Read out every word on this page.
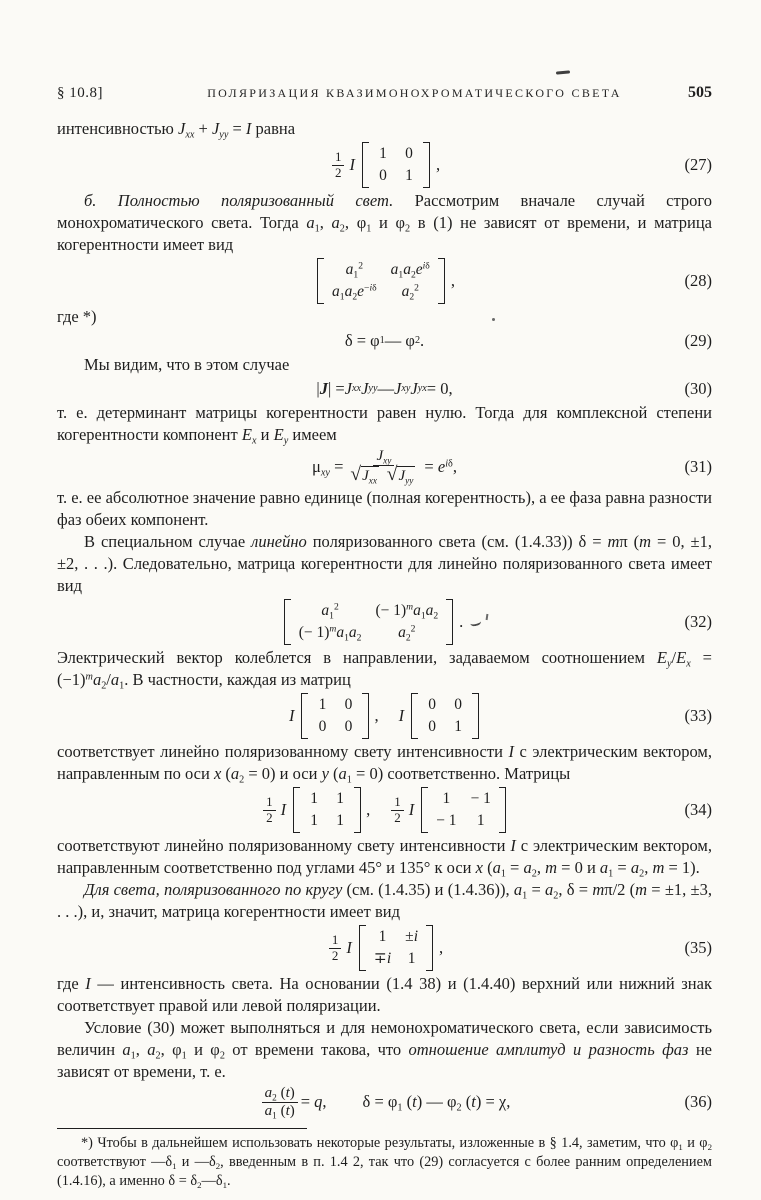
§ 10.8]	ПОЛЯРИЗАЦИЯ КВАЗИМОНОХРОМАТИЧЕСКОГО СВЕТА	505

интенсивностью $J_{xx} + J_{yy} = I$ равна

$\frac{1}{2}$ I
1 0
0 1
,	(27)

б. Полностью поляризованный свет. Рассмотрим вначале случай строго монохроматического света. Тогда $a_1$, $a_2$, $\varphi_1$ и $\varphi_2$ в (1) не зависят от времени, и матрица когерентности имеет вид

$a_1^2$ $a_1a_2e^{i\delta}$
$a_1a_2e^{-i\delta}$ $a_2^2$ ,	(28)

где *)

δ = φ 1 — φ 2 .	(29)

Мы видим, что в этом случае

| J | = J xx J yy — J xy J yx = 0,	(30)

т. е. детерминант матрицы когерентности равен нулю. Тогда для комплексной степени когерентности компонент $E_x$ и $E_y$ имеем

$\mu_{xy} = J_{xy}$
√ $J_{xx}$
√ $J_{yy} = e^{i\delta}$,	(31)

т. е. ее абсолютное значение равно единице (полная когерентность), а ее фаза равна разности фаз обеих компонент.

В специальном случае линейно поляризованного света (см. (1.4.33)) δ = mπ (m = 0, ±1, ±2, . . .). Следовательно, матрица когерентности для линейно поляризованного света имеет вид

$a_1^2$ (− $1)^ma_1a_2$
(− $1)^ma_1a_2$ $a_2^2$	.	(32)

Электрический вектор колеблется в направлении, задаваемом соотношением $E_y/E_x = (-1)^ma_2/a_1$. В частности, каждая из матриц

I
1 0
0 0
, I
0 0
0 1
(33)

соответствует линейно поляризованному свету интенсивности I с электрическим вектором, направленным по оси x $(a_2 = 0)$ и оси y $(a_1 = 0)$ соответственно. Матрицы

$\frac{1}{2}$ I
1 1
1 1
, $\frac{1}{2}$ I
1 − 1
− 1 1
(34)

соответствуют линейно поляризованному свету интенсивности I с электрическим вектором, направленным соответственно под углами 45° и 135° к оси x ($a_1 = a_2$, m = 0 и $a_1 = a_2$, m = 1).

Для света, поляризованного по кругу (см. (1.4.35) и (1.4.36)), $a_1 = a_2$, δ = mπ/2 (m = ±1, ±3, . . .), и, значит, матрица когерентности имеет вид

$\frac{1}{2}$ I
1 ±i
∓i 1
,	(35)

где I — интенсивность света. На основании (1.4 38) и (1.4.40) верхний или нижний знак соответствует правой или левой поляризации.

Условие (30) может выполняться и для немонохроматического света, если зависимость величин $a_1$, $a_2$, $\varphi_1$ и $\varphi_2$ от времени такова, что отношение амплитуд и разность фаз не зависят от времени, т. е.

$\frac{a_2 (t)}{a_1 (t)} = q$, $\delta = \varphi_1$ (t) — $\varphi_2$ (t) = χ,	(36)

*) Чтобы в дальнейшем использовать некоторые результаты, изложенные в § 1.4, заметим, что $\varphi_1$ и $\varphi_2$ соответствуют $—\delta_1$ и $—\delta_2$, введенным в п. 1.4 2, так что (29) согласуется с более ранним определением (1.4.16), а именно $\delta = \delta_2—\delta_1$.
